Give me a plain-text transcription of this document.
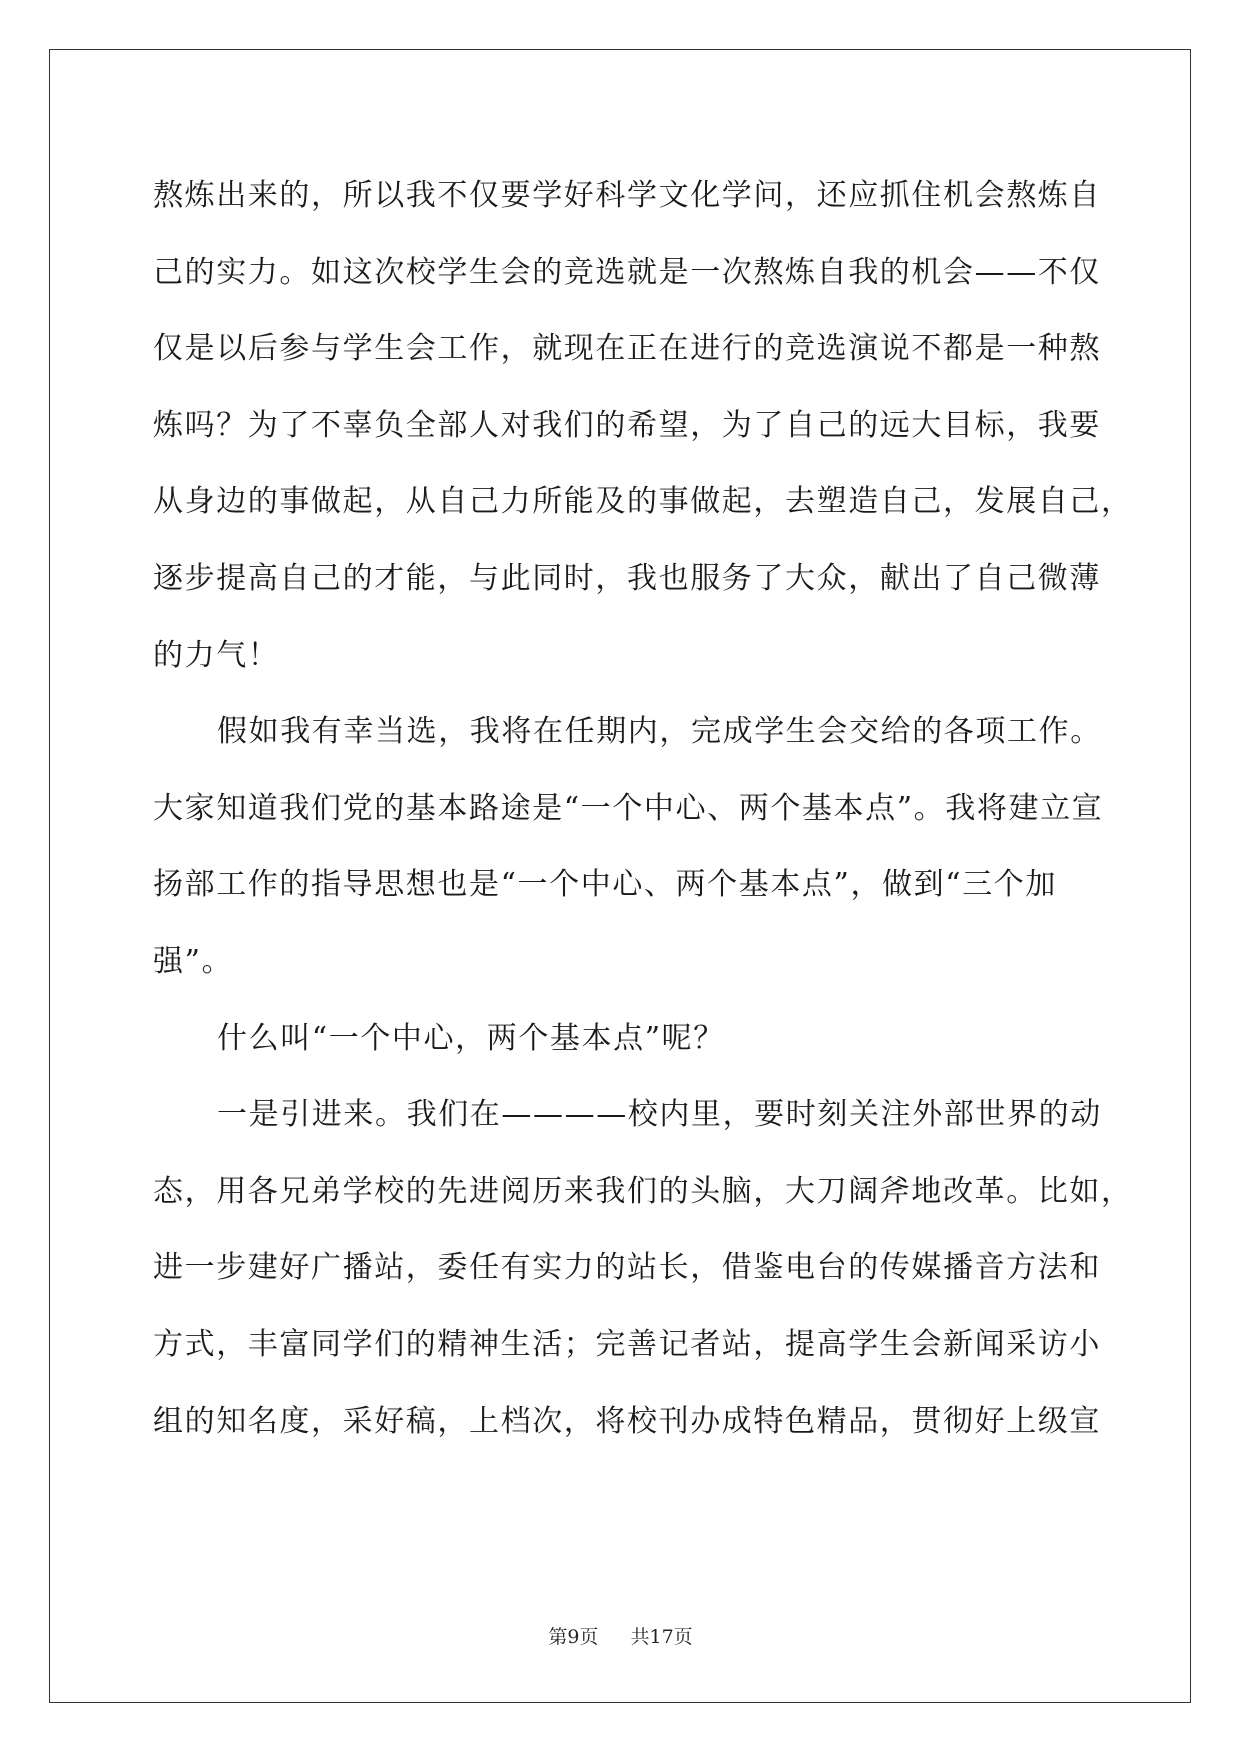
熬炼出来的，所以我不仅要学好科学文化学问，还应抓住机会熬炼自
己的实力。如这次校学生会的竞选就是一次熬炼自我的机会——不仅
仅是以后参与学生会工作，就现在正在进行的竞选演说不都是一种熬
炼吗？为了不辜负全部人对我们的希望，为了自己的远大目标，我要
从身边的事做起，从自己力所能及的事做起，去塑造自己，发展自己，
逐步提高自己的才能，与此同时，我也服务了大众，献出了自己微薄
的力气！
假如我有幸当选，我将在任期内，完成学生会交给的各项工作。
大家知道我们党的基本路途是“一个中心、两个基本点”。我将建立宣
扬部工作的指导思想也是“一个中心、两个基本点”，做到“三个加
强”。
什么叫“一个中心，两个基本点”呢？
一是引进来。我们在————校内里，要时刻关注外部世界的动
态，用各兄弟学校的先进阅历来我们的头脑，大刀阔斧地改革。比如，
进一步建好广播站，委任有实力的站长，借鉴电台的传媒播音方法和
方式，丰富同学们的精神生活；完善记者站，提高学生会新闻采访小
组的知名度，采好稿，上档次，将校刊办成特色精品，贯彻好上级宣
第9页 共17页
